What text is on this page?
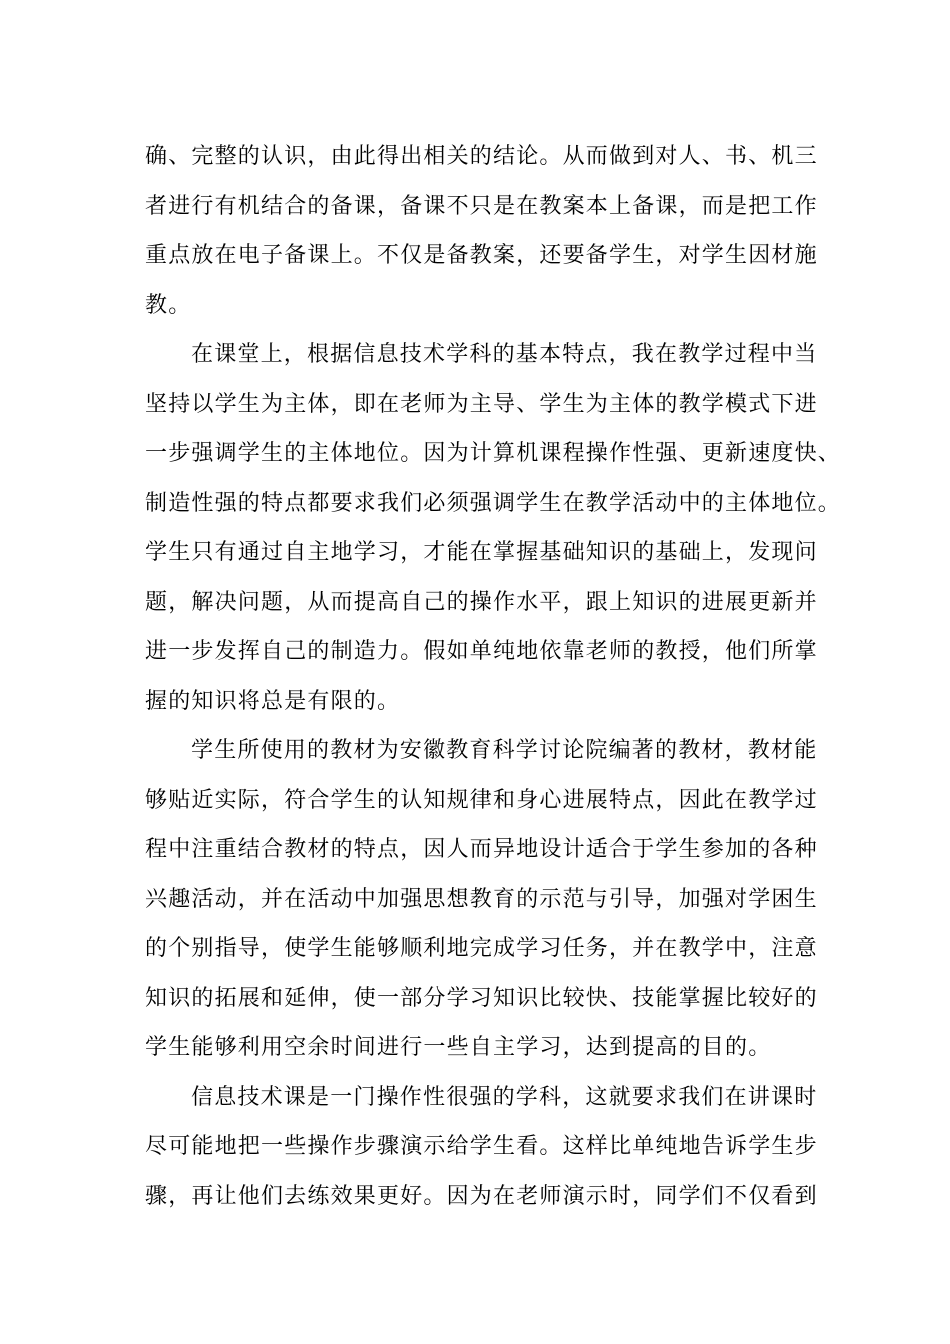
确、完整的认识，由此得出相关的结论。从而做到对人、书、机三
者进行有机结合的备课，备课不只是在教案本上备课，而是把工作
重点放在电子备课上。不仅是备教案，还要备学生，对学生因材施
教。
在课堂上，根据信息技术学科的基本特点，我在教学过程中当
坚持以学生为主体，即在老师为主导、学生为主体的教学模式下进
一步强调学生的主体地位。因为计算机课程操作性强、更新速度快、
制造性强的特点都要求我们必须强调学生在教学活动中的主体地位。
学生只有通过自主地学习，才能在掌握基础知识的基础上，发现问
题，解决问题，从而提高自己的操作水平，跟上知识的进展更新并
进一步发挥自己的制造力。假如单纯地依靠老师的教授，他们所掌
握的知识将总是有限的。
学生所使用的教材为安徽教育科学讨论院编著的教材，教材能
够贴近实际，符合学生的认知规律和身心进展特点，因此在教学过
程中注重结合教材的特点，因人而异地设计适合于学生参加的各种
兴趣活动，并在活动中加强思想教育的示范与引导，加强对学困生
的个别指导，使学生能够顺利地完成学习任务，并在教学中，注意
知识的拓展和延伸，使一部分学习知识比较快、技能掌握比较好的
学生能够利用空余时间进行一些自主学习，达到提高的目的。
信息技术课是一门操作性很强的学科，这就要求我们在讲课时
尽可能地把一些操作步骤演示给学生看。这样比单纯地告诉学生步
骤，再让他们去练效果更好。因为在老师演示时，同学们不仅看到
